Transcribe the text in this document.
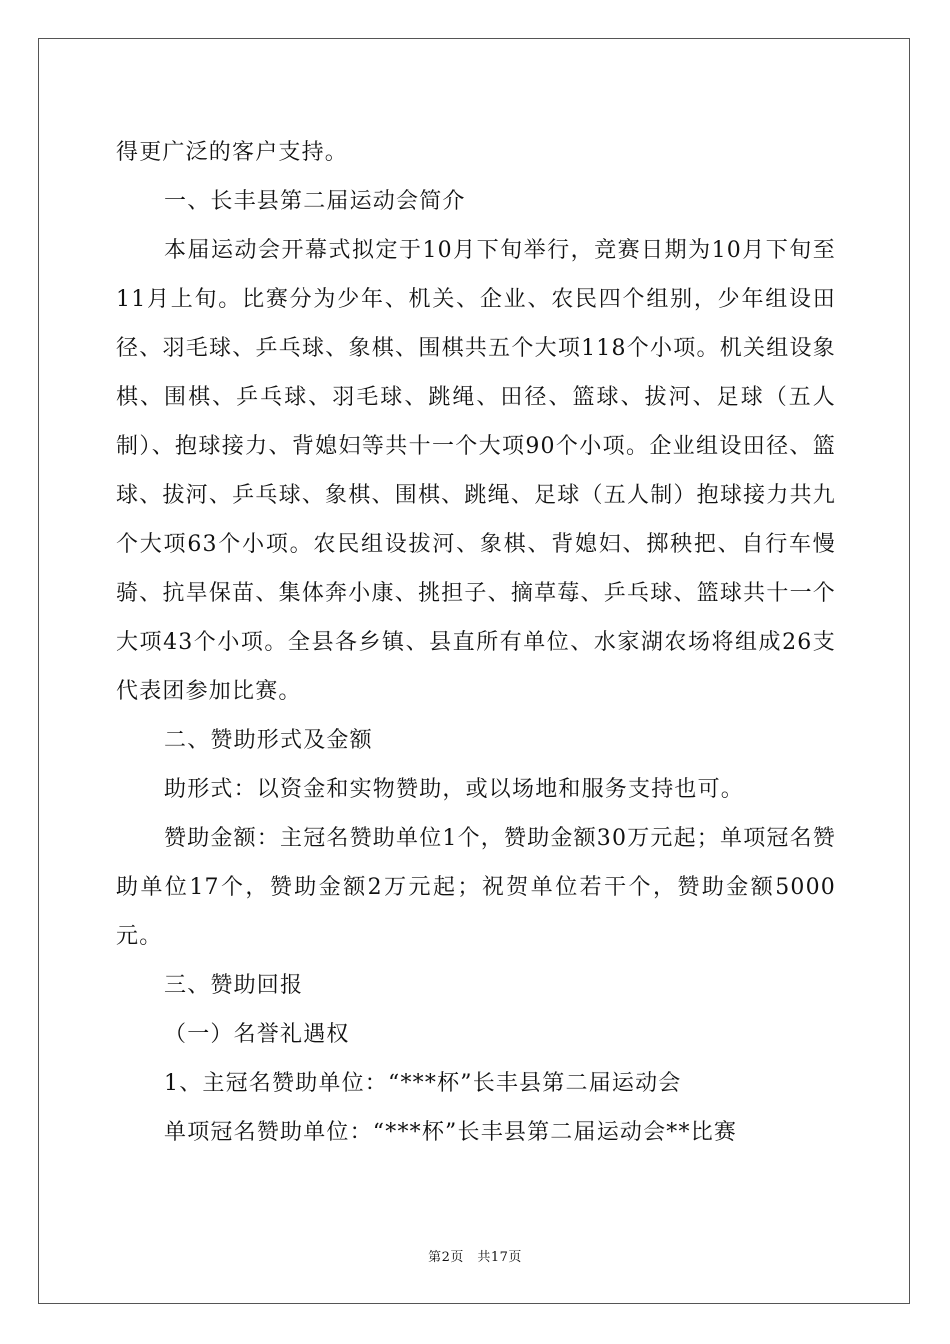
得更广泛的客户支持。

一、长丰县第二届运动会简介

本届运动会开幕式拟定于10月下旬举行，竞赛日期为10月下旬至11月上旬。比赛分为少年、机关、企业、农民四个组别，少年组设田径、羽毛球、乒乓球、象棋、围棋共五个大项118个小项。机关组设象棋、围棋、乒乓球、羽毛球、跳绳、田径、篮球、拔河、足球（五人制）、抱球接力、背媳妇等共十一个大项90个小项。企业组设田径、篮球、拔河、乒乓球、象棋、围棋、跳绳、足球（五人制）抱球接力共九个大项63个小项。农民组设拔河、象棋、背媳妇、掷秧把、自行车慢骑、抗旱保苗、集体奔小康、挑担子、摘草莓、乒乓球、篮球共十一个大项43个小项。全县各乡镇、县直所有单位、水家湖农场将组成26支代表团参加比赛。

二、赞助形式及金额

助形式：以资金和实物赞助，或以场地和服务支持也可。

赞助金额：主冠名赞助单位1个，赞助金额30万元起；单项冠名赞助单位17个，赞助金额2万元起；祝贺单位若干个，赞助金额5000元。

三、赞助回报

（一）名誉礼遇权

1、主冠名赞助单位：“***杯”长丰县第二届运动会

单项冠名赞助单位：“***杯”长丰县第二届运动会**比赛

第2页　共17页
